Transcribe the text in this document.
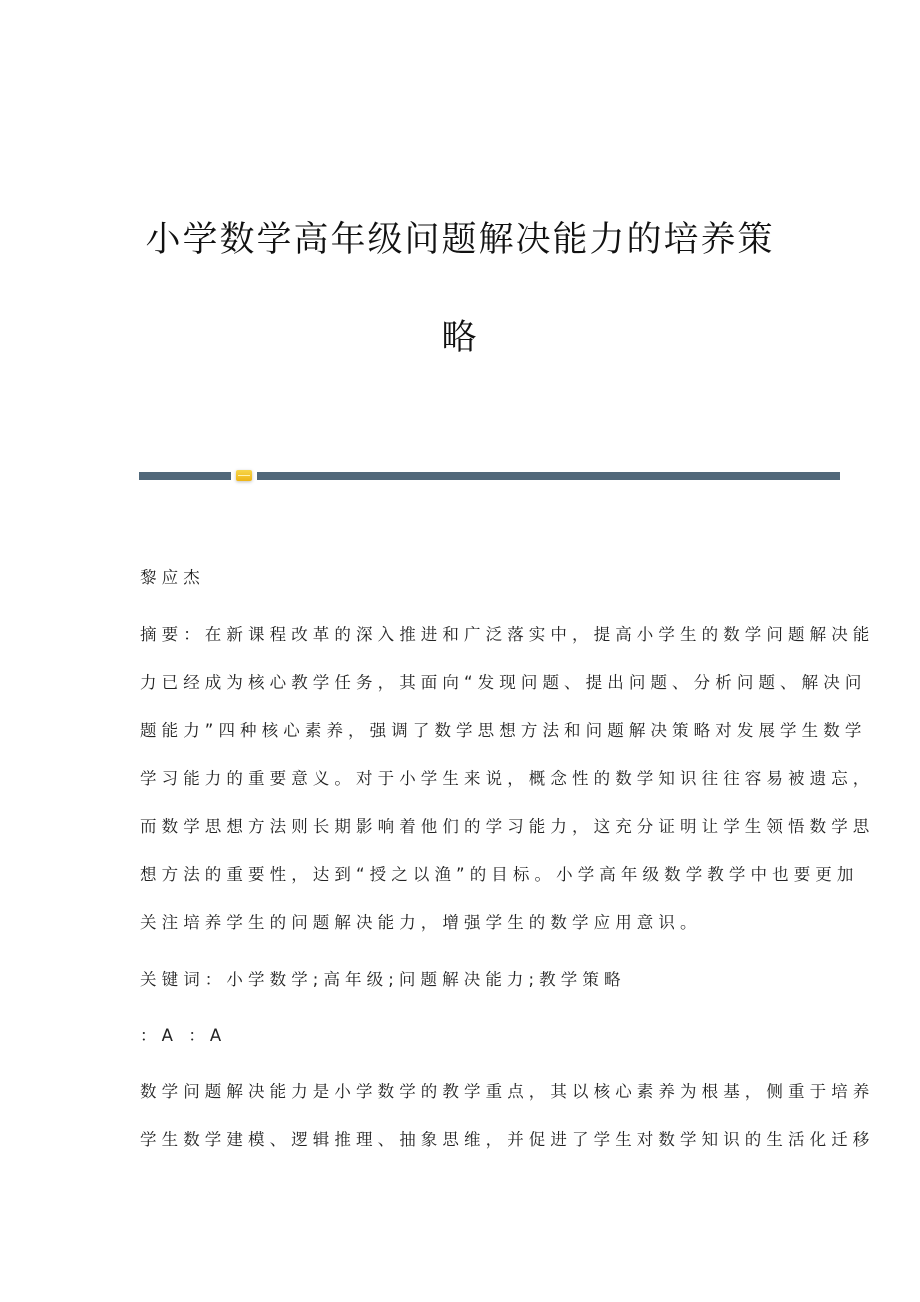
小学数学高年级问题解决能力的培养策
略
黎应杰
摘要：在新课程改革的深入推进和广泛落实中，提高小学生的数学问题解决能
力已经成为核心教学任务，其面向“发现问题、提出问题、分析问题、解决问
题能力”四种核心素养，强调了数学思想方法和问题解决策略对发展学生数学
学习能力的重要意义。对于小学生来说，概念性的数学知识往往容易被遗忘，
而数学思想方法则长期影响着他们的学习能力，这充分证明让学生领悟数学思
想方法的重要性，达到“授之以渔”的目标。小学高年级数学教学中也要更加
关注培养学生的问题解决能力，增强学生的数学应用意识。
关键词：小学数学;高年级;问题解决能力;教学策略
：A ：A
数学问题解决能力是小学数学的教学重点，其以核心素养为根基，侧重于培养
学生数学建模、逻辑推理、抽象思维，并促进了学生对数学知识的生活化迁移
